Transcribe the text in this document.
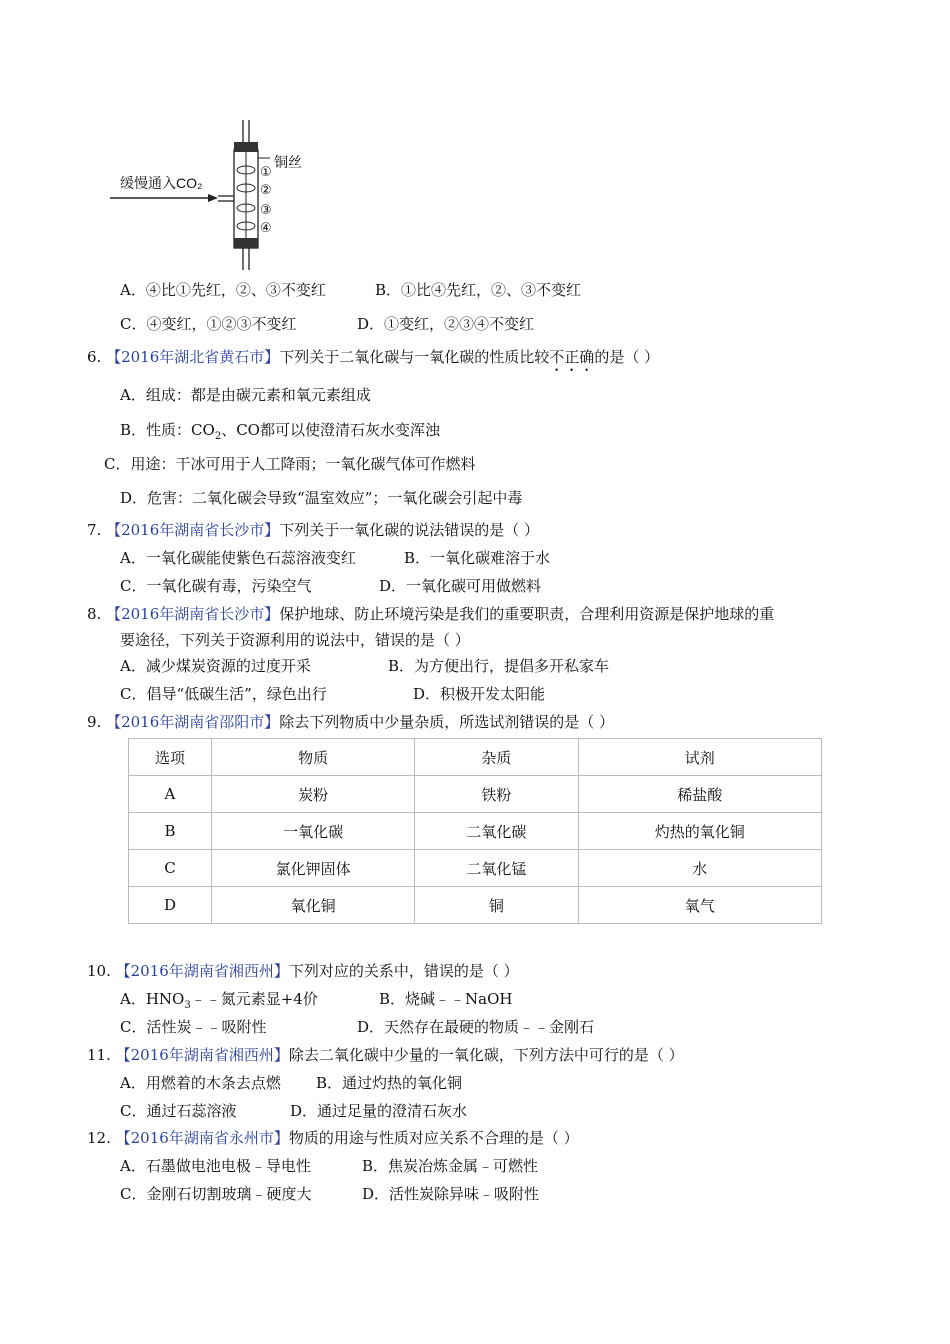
缓慢通入CO₂
铜丝
①
②
③
④
A．④比①先红，②、③不变红	B．①比④先红，②、③不变红
C．④变红，①②③不变红	D．①变红，②③④不变红
6. 【2016年湖北省黄石市】下列关于二氧化碳与一氧化碳的性质比较不正确的是（ ）
A．组成：都是由碳元素和氧元素组成
B．性质：$CO_2$、CO都可以使澄清石灰水变浑浊
C．用途：干冰可用于人工降雨；一氧化碳气体可作燃料
D．危害：二氧化碳会导致“温室效应”；一氧化碳会引起中毒
7. 【2016年湖南省长沙市】下列关于一氧化碳的说法错误的是（ ）
A．一氧化碳能使紫色石蕊溶液变红	B．一氧化碳难溶于水
C．一氧化碳有毒，污染空气	D．一氧化碳可用做燃料
8. 【2016年湖南省长沙市】保护地球、防止环境污染是我们的重要职责，合理利用资源是保护地球的重
要途径，下列关于资源利用的说法中，错误的是（ ）
A．减少煤炭资源的过度开采	B．为方便出行，提倡多开私家车
C．倡导“低碳生活”，绿色出行	D．积极开发太阳能
9. 【2016年湖南省邵阳市】除去下列物质中少量杂质，所选试剂错误的是（ ）
选项	物质	杂质	试剂
A	炭粉	铁粉	稀盐酸
B	一氧化碳	二氧化碳	灼热的氧化铜
C	氯化钾固体	二氧化锰	水
D	氧化铜	铜	氧气
10. 【2016年湖南省湘西州】下列对应的关系中，错误的是（ ）
A．$HNO_3﹣﹣$氮元素显+4价	B．烧碱﹣﹣NaOH
C．活性炭﹣﹣吸附性	D．天然存在最硬的物质﹣﹣金刚石
11. 【2016年湖南省湘西州】除去二氧化碳中少量的一氧化碳，下列方法中可行的是（ ）
A．用燃着的木条去点燃 B．通过灼热的氧化铜
C．通过石蕊溶液	D．通过足量的澄清石灰水
12. 【2016年湖南省永州市】物质的用途与性质对应关系不合理的是（ ）
A．石墨做电池电极﹣导电性	B．焦炭冶炼金属﹣可燃性
C．金刚石切割玻璃﹣硬度大	D．活性炭除异味﹣吸附性
